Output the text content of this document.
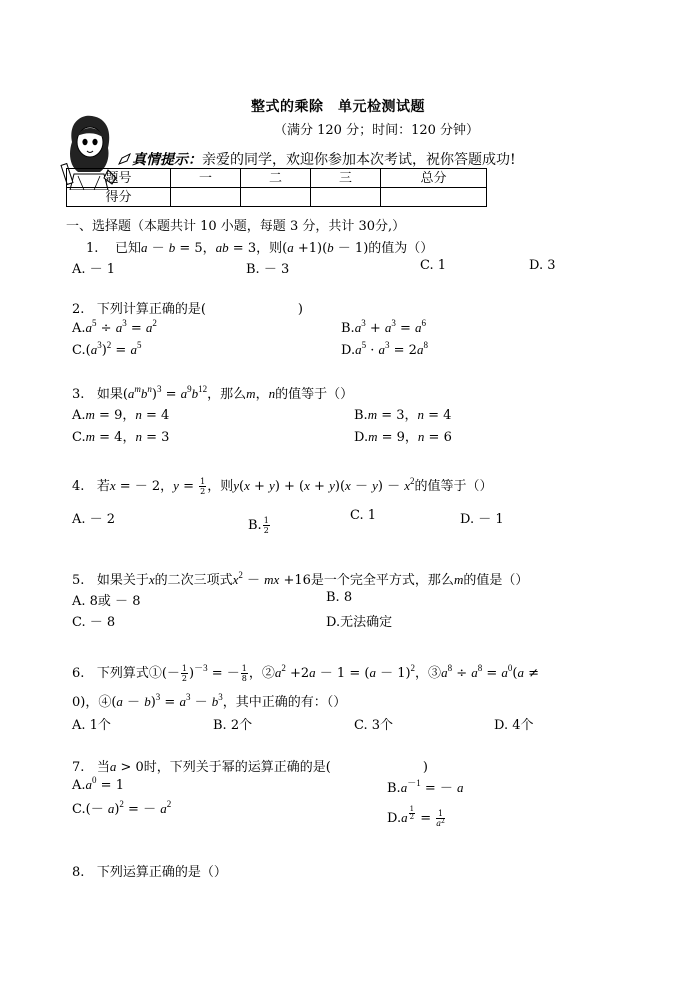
整式的乘除　单元检测试题
（满分 120 分；时间：120 分钟）
真情提示：亲爱的同学，欢迎你参加本次考试，祝你答题成功!
题号	一	二	三	总分
得分				
一、选择题（本题共计 10 小题，每题 3 分，共计 30分,）
1. 已知a － b = 5，ab = 3，则(a +1)(b － 1)的值为（）
A. － 1	B. － 3	C. 1	D. 3
2. 下列计算正确的是(	)
$A.a^5 \div a^3 = a^2$	$B.a^3 + a^3 = a^6$
$C.(a^3)^2 = a^5$	$D.a^5 \cdot a^3 = 2a^8$
3. 如果$(a^mb^n)^3 = a^9b^{12}$，那么m，n的值等于（）
A.m = 9，n = 4	B.m = 3，n = 4
C.m = 4，n = 3	D.m = 9，n = 6
4. 若x = － 2，$y = \frac{1}{2}$ ，则$y(x + y) + (x + y)(x - y) - x^2$的值等于（）
A. － 2	B. $\frac{1}{2}$
C. 1	D. － 1
5. 如果关于x的二次三项式$x^2$ － mx +16是一个完全平方式，那么m的值是（）
A. 8或 － 8	B. 8
C. － 8	D.无法确定
6. 下列算式①(－ $\frac{1}{2} )^{-3}$ = － $\frac{1}{8}$ ，$②a^2 +2a - 1 = (a - 1)^2$，$③a^8 \div a^8 = a^0(a$ ≠
0)，④(a － $b)^3 = a^3 - b^3$，其中正确的有：（）
A. 1个	B. 2个	C. 3个	D. 4个
7. 当a > 0时，下列关于幂的运算正确的是(	)
$A.a^0 = 1$	$B.a^{-1}$ = － a
$C.(- a)^2$ = － $a^2$
D.a $^{\frac{1}{2}} = \frac{1}{a^2}$
8. 下列运算正确的是（）
